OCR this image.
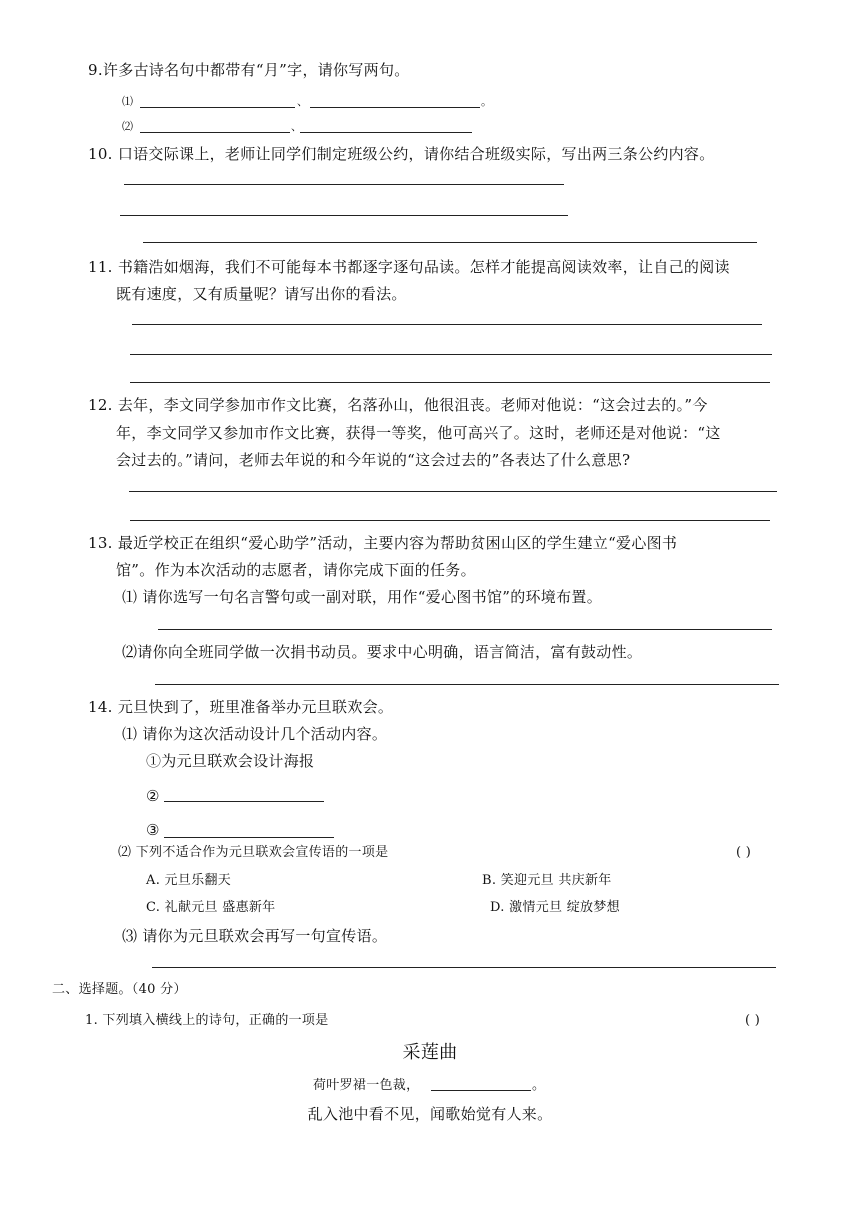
9.许多古诗名句中都带有“月”字，请你写两句。
⑴	、	。
⑵	、
10. 口语交际课上，老师让同学们制定班级公约，请你结合班级实际，写出两三条公约内容。
11. 书籍浩如烟海，我们不可能每本书都逐字逐句品读。怎样才能提高阅读效率，让自己的阅读
既有速度，又有质量呢？请写出你的看法。
12. 去年，李文同学参加市作文比赛，名落孙山，他很沮丧。老师对他说：“这会过去的。”今
年，李文同学又参加市作文比赛，获得一等奖，他可高兴了。这时，老师还是对他说：“这
会过去的。”请问，老师去年说的和今年说的“这会过去的”各表达了什么意思?
13. 最近学校正在组织“爱心助学”活动，主要内容为帮助贫困山区的学生建立“爱心图书
馆”。作为本次活动的志愿者，请你完成下面的任务。
⑴ 请你选写一句名言警句或一副对联，用作“爱心图书馆”的环境布置。
⑵请你向全班同学做一次捐书动员。要求中心明确，语言简洁，富有鼓动性。
14. 元旦快到了，班里准备举办元旦联欢会。
⑴ 请你为这次活动设计几个活动内容。
①为元旦联欢会设计海报
②
③
⑵ 下列不适合作为元旦联欢会宣传语的一项是	( )
A. 元旦乐翻天	B. 笑迎元旦 共庆新年
C. 礼献元旦 盛惠新年	D. 激情元旦 绽放梦想
⑶ 请你为元旦联欢会再写一句宣传语。
二、选择题。（40 分）
1. 下列填入横线上的诗句，正确的一项是	( )
采莲曲
荷叶罗裙一色裁，	。
乱入池中看不见，闻歌始觉有人来。
